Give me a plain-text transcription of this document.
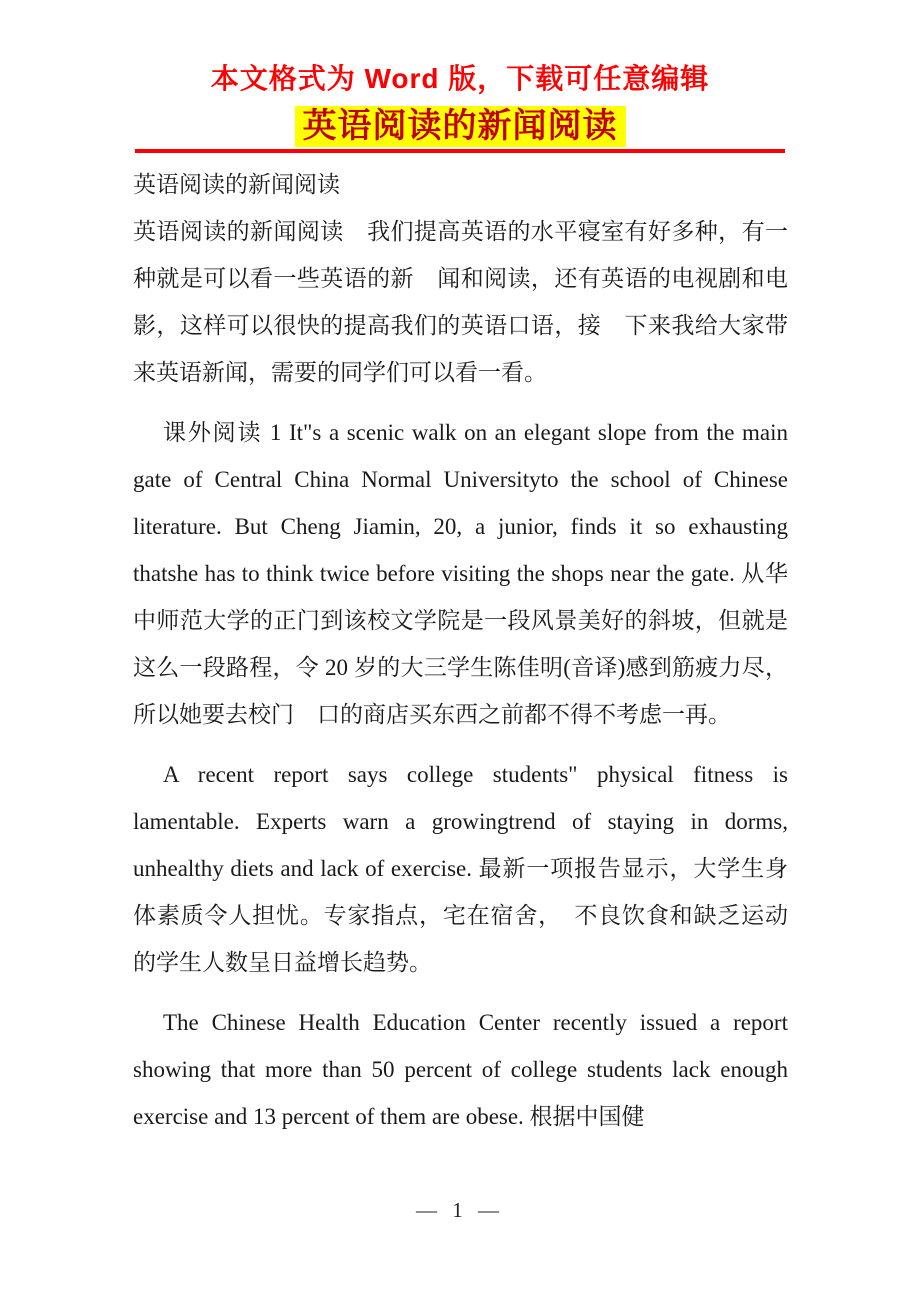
本文格式为 Word 版，下载可任意编辑
英语阅读的新闻阅读

英语阅读的新闻阅读

英语阅读的新闻阅读　我们提高英语的水平寝室有好多种，有一种就是可以看一些英语的新　闻和阅读，还有英语的电视剧和电影，这样可以很快的提高我们的英语口语，接　下来我给大家带来英语新闻，需要的同学们可以看一看。

课外阅读 1 It"s a scenic walk on an elegant slope from the main gate of Central China Normal Universityto the school of Chinese literature. But Cheng Jiamin, 20, a junior, finds it so exhausting thatshe has to think twice before visiting the shops near the gate. 从华中师范大学的正门到该校文学院是一段风景美好的斜坡，但就是 这么一段路程，令 20 岁的大三学生陈佳明(音译)感到筋疲力尽，所以她要去校门　口的商店买东西之前都不得不考虑一再。

A recent report says college students" physical fitness is lamentable. Experts warn a growingtrend of staying in dorms, unhealthy diets and lack of exercise. 最新一项报告显示，大学生身体素质令人担忧。专家指点，宅在宿舍，　不良饮食和缺乏运动的学生人数呈日益增长趋势。

The Chinese Health Education Center recently issued a report showing that more than 50 percent of college students lack enough exercise and 13 percent of them are obese. 根据中国健

— 1 —
